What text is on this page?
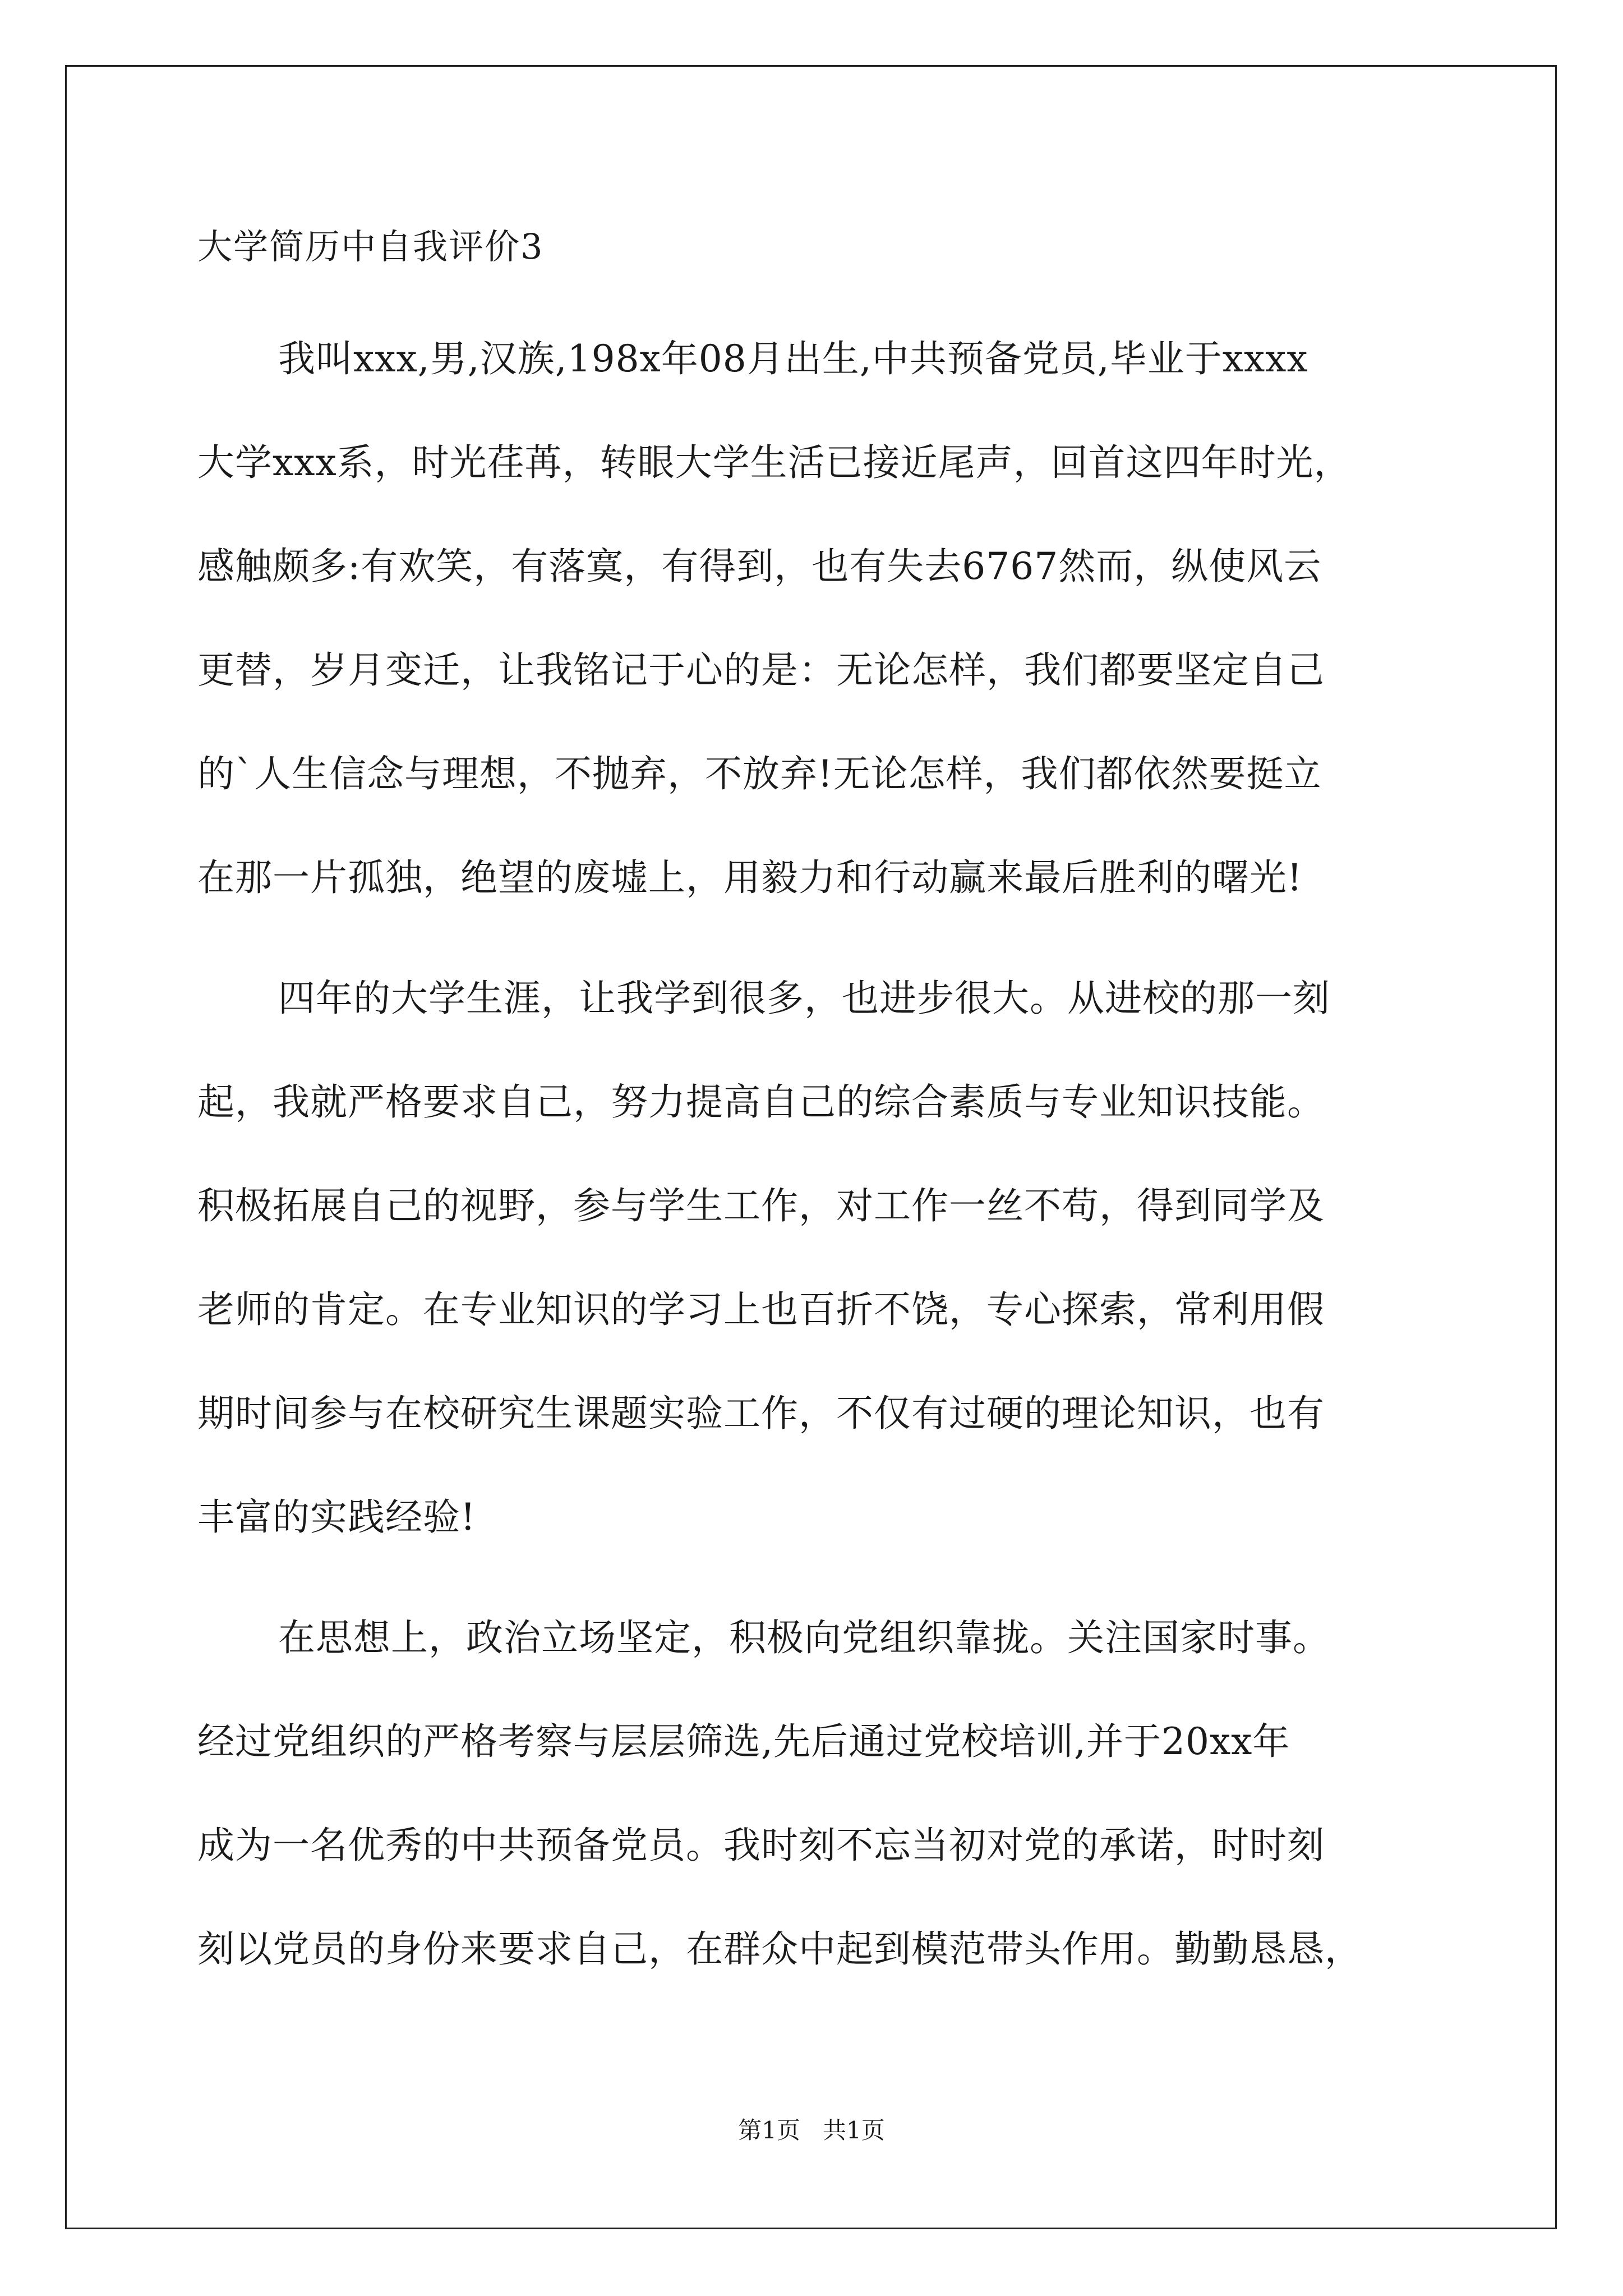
大学简历中自我评价3
我叫xxx,男,汉族,198x年08月出生,中共预备党员,毕业于xxxx
大学xxx系，时光荏苒，转眼大学生活已接近尾声，回首这四年时光，
感触颇多:有欢笑，有落寞，有得到，也有失去6767然而，纵使风云
更替，岁月变迁，让我铭记于心的是：无论怎样，我们都要坚定自己
的`人生信念与理想，不抛弃，不放弃!无论怎样，我们都依然要挺立
在那一片孤独，绝望的废墟上，用毅力和行动赢来最后胜利的曙光!
四年的大学生涯，让我学到很多，也进步很大。从进校的那一刻
起，我就严格要求自己，努力提高自己的综合素质与专业知识技能。
积极拓展自己的视野，参与学生工作，对工作一丝不苟，得到同学及
老师的肯定。在专业知识的学习上也百折不饶，专心探索，常利用假
期时间参与在校研究生课题实验工作，不仅有过硬的理论知识，也有
丰富的实践经验!
在思想上，政治立场坚定，积极向党组织靠拢。关注国家时事。
经过党组织的严格考察与层层筛选,先后通过党校培训,并于20xx年
成为一名优秀的中共预备党员。我时刻不忘当初对党的承诺，时时刻
刻以党员的身份来要求自己，在群众中起到模范带头作用。勤勤恳恳，
第1页   共1页
